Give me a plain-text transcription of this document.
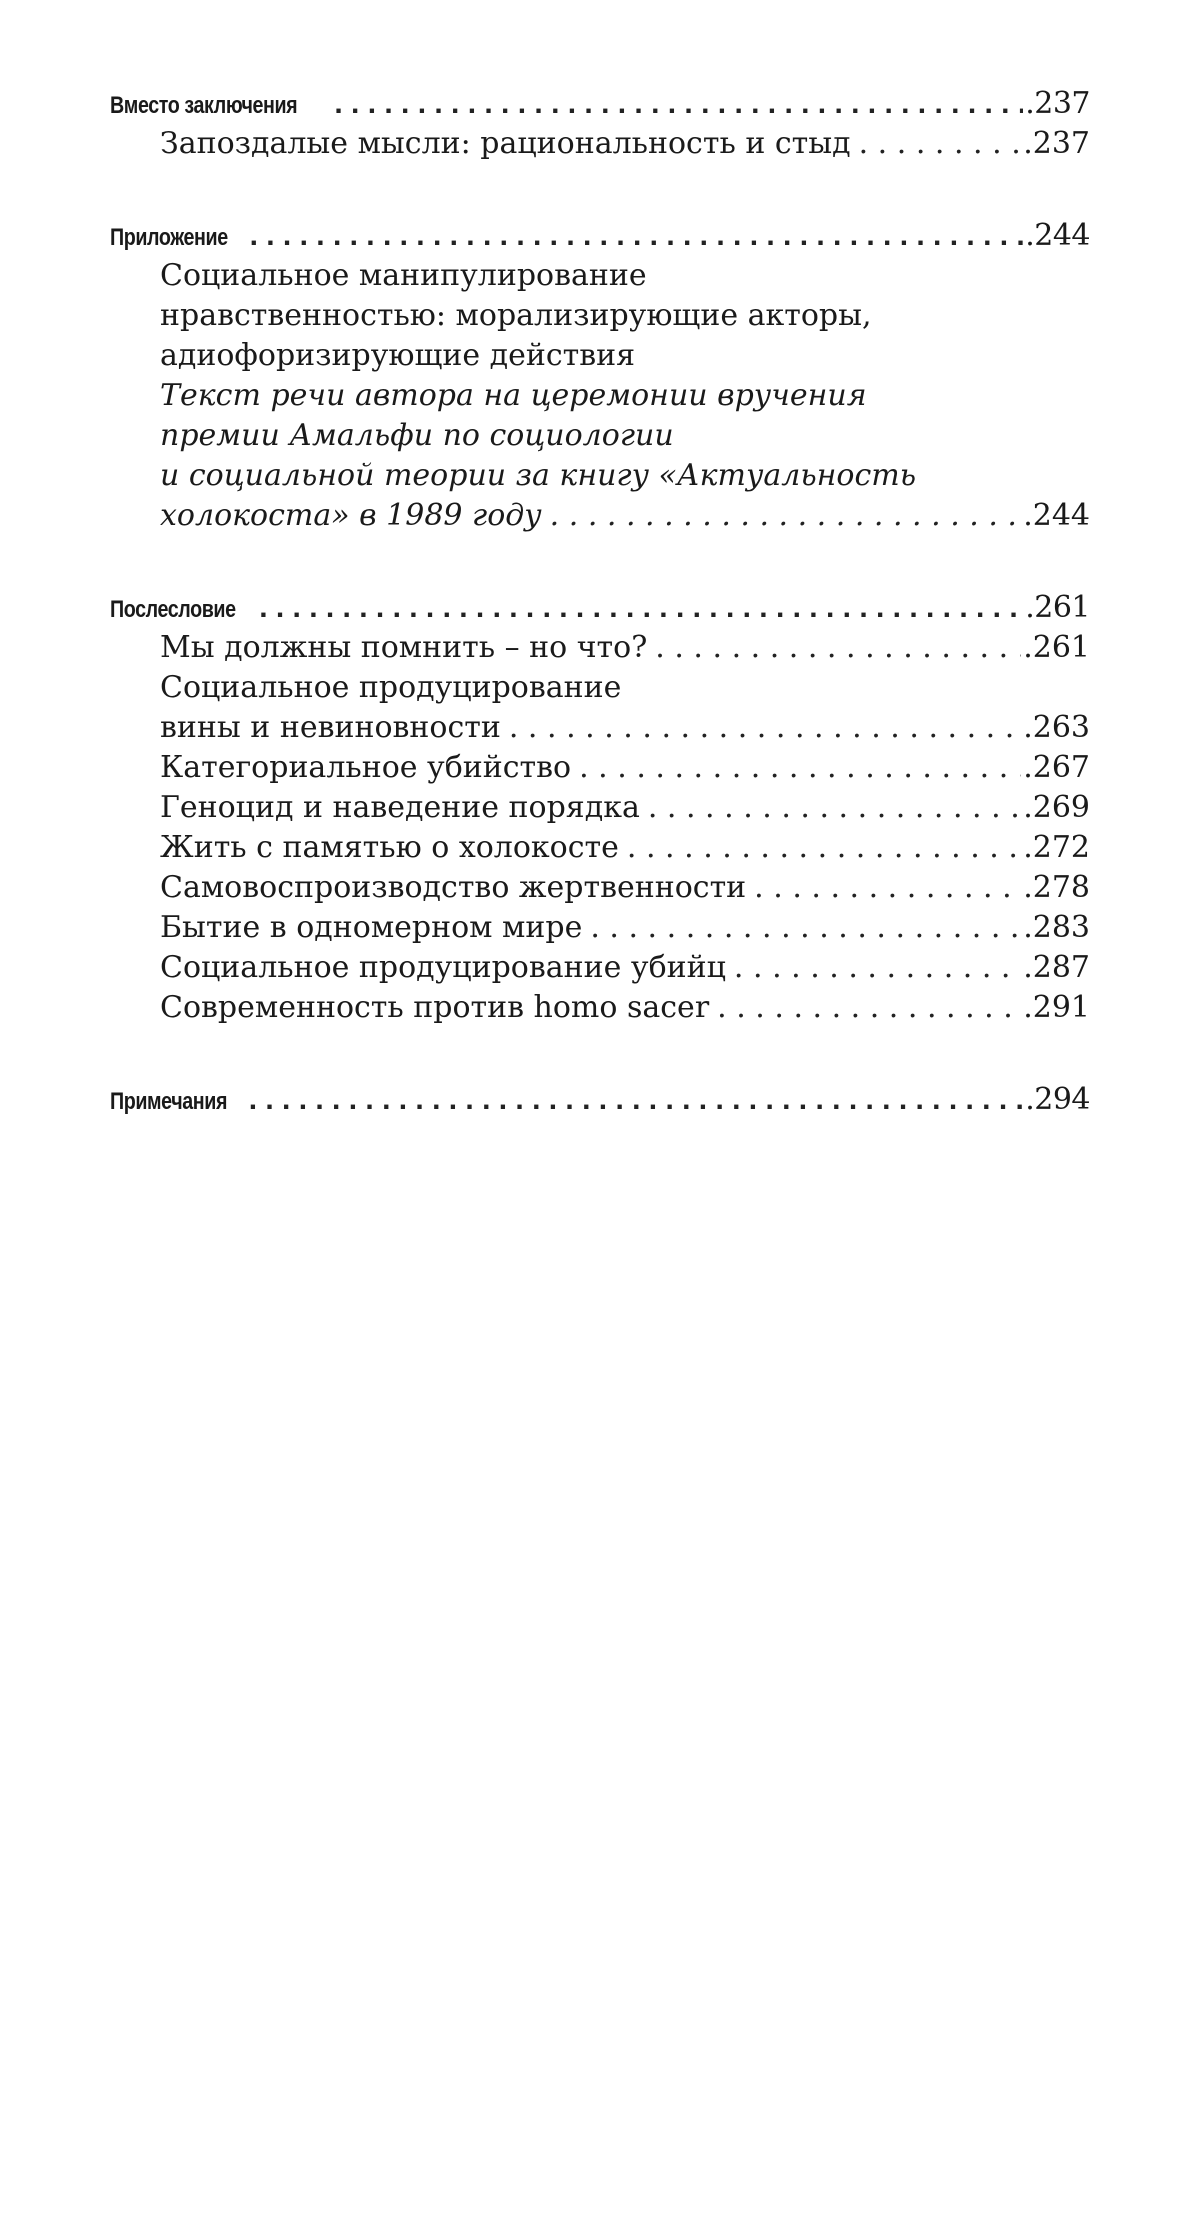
Вместо заключения . . .	.237
Запоздалые мысли: рациональность и стыд . . .	.237
Приложение . . .	.244
Социальное манипулирование
нравственностью: морализирующие акторы,
адиофоризирующие действия
Текст речи автора на церемонии вручения
премии Амальфи по социологии
и социальной теории за книгу «Актуальность
холокоста» в 1989 году . . .	.244
Послесловие . . .	.261
Мы должны помнить – но что? . . .	.261
Социальное продуцирование
вины и невиновности . . .	.263
Категориальное убийство . . .	.267
Геноцид и наведение порядка . . .	.269
Жить с памятью о холокосте . . .	.272
Самовоспроизводство жертвенности . . .	.278
Бытие в одномерном мире . . .	.283
Социальное продуцирование убийц . . .	.287
Современность против homo sacer . . .	.291
Примечания . . .	.294
